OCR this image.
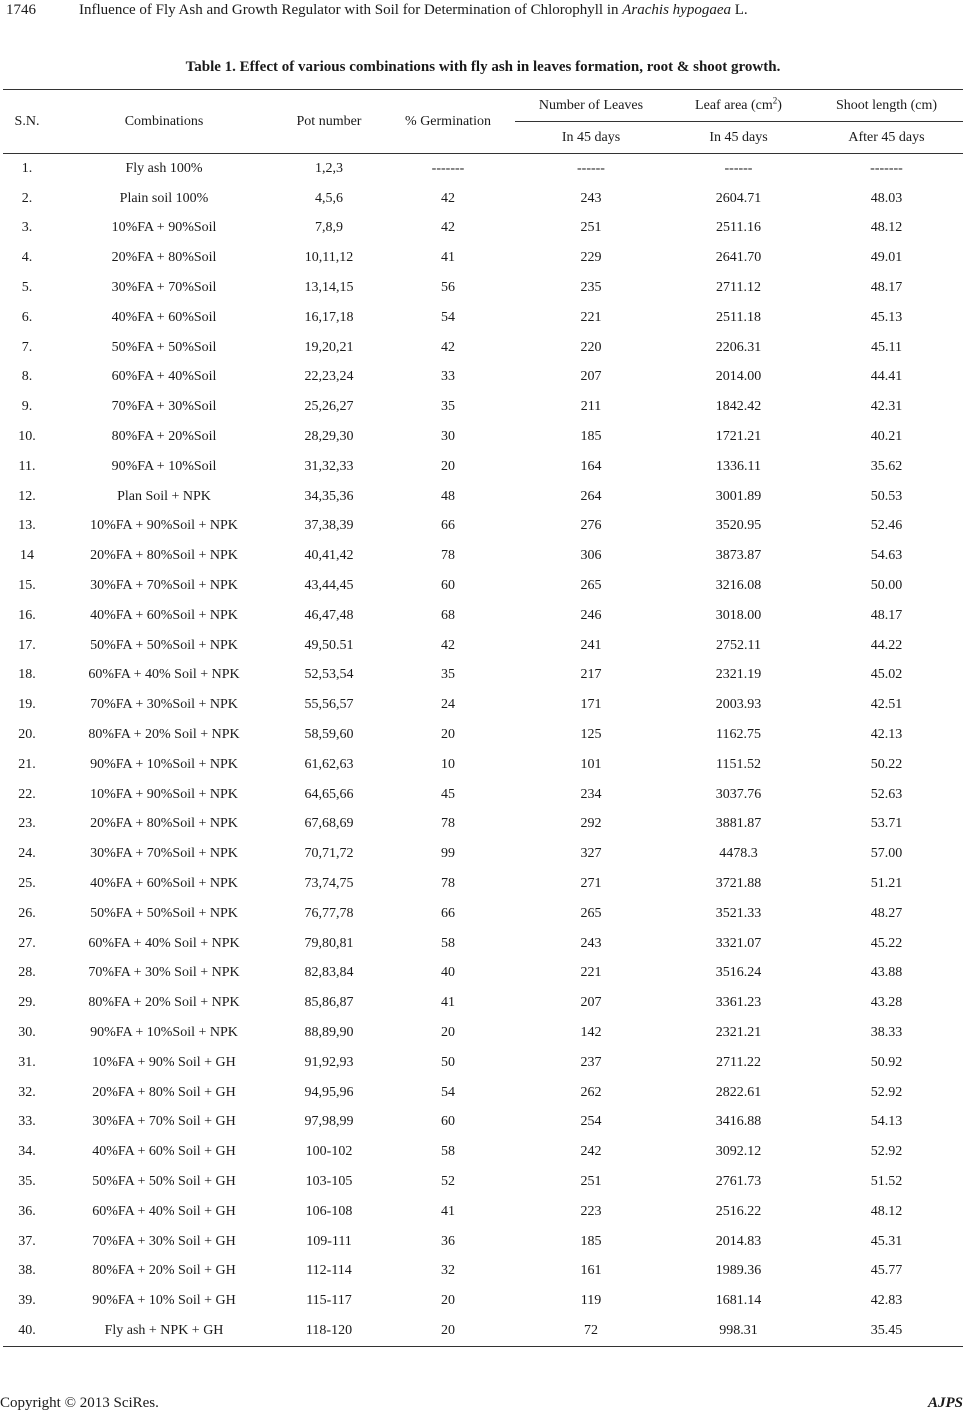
1746	Influence of Fly Ash and Growth Regulator with Soil for Determination of Chlorophyll in Arachis hypogaea L.
Table 1. Effect of various combinations with fly ash in leaves formation, root & shoot growth.
S.N.	Combinations	Pot number	% Germination	Number of Leaves	Leaf area $(cm^2)$	Shoot length (cm)
				In 45 days	In 45 days	After 45 days
1.	Fly ash 100%	1,2,3	-------	------	------	-------
2.	Plain soil 100%	4,5,6	42	243	2604.71	48.03
3.	10%FA + 90%Soil	7,8,9	42	251	2511.16	48.12
4.	20%FA + 80%Soil	10,11,12	41	229	2641.70	49.01
5.	30%FA + 70%Soil	13,14,15	56	235	2711.12	48.17
6.	40%FA + 60%Soil	16,17,18	54	221	2511.18	45.13
7.	50%FA + 50%Soil	19,20,21	42	220	2206.31	45.11
8.	60%FA + 40%Soil	22,23,24	33	207	2014.00	44.41
9.	70%FA + 30%Soil	25,26,27	35	211	1842.42	42.31
10.	80%FA + 20%Soil	28,29,30	30	185	1721.21	40.21
11.	90%FA + 10%Soil	31,32,33	20	164	1336.11	35.62
12.	Plan Soil + NPK	34,35,36	48	264	3001.89	50.53
13.	10%FA + 90%Soil + NPK	37,38,39	66	276	3520.95	52.46
14	20%FA + 80%Soil + NPK	40,41,42	78	306	3873.87	54.63
15.	30%FA + 70%Soil + NPK	43,44,45	60	265	3216.08	50.00
16.	40%FA + 60%Soil + NPK	46,47,48	68	246	3018.00	48.17
17.	50%FA + 50%Soil + NPK	49,50.51	42	241	2752.11	44.22
18.	60%FA + 40% Soil + NPK	52,53,54	35	217	2321.19	45.02
19.	70%FA + 30%Soil + NPK	55,56,57	24	171	2003.93	42.51
20.	80%FA + 20% Soil + NPK	58,59,60	20	125	1162.75	42.13
21.	90%FA + 10%Soil + NPK	61,62,63	10	101	1151.52	50.22
22.	10%FA + 90%Soil + NPK	64,65,66	45	234	3037.76	52.63
23.	20%FA + 80%Soil + NPK	67,68,69	78	292	3881.87	53.71
24.	30%FA + 70%Soil + NPK	70,71,72	99	327	4478.3	57.00
25.	40%FA + 60%Soil + NPK	73,74,75	78	271	3721.88	51.21
26.	50%FA + 50%Soil + NPK	76,77,78	66	265	3521.33	48.27
27.	60%FA + 40% Soil + NPK	79,80,81	58	243	3321.07	45.22
28.	70%FA + 30% Soil + NPK	82,83,84	40	221	3516.24	43.88
29.	80%FA + 20% Soil + NPK	85,86,87	41	207	3361.23	43.28
30.	90%FA + 10%Soil + NPK	88,89,90	20	142	2321.21	38.33
31.	10%FA + 90% Soil + GH	91,92,93	50	237	2711.22	50.92
32.	20%FA + 80% Soil + GH	94,95,96	54	262	2822.61	52.92
33.	30%FA + 70% Soil + GH	97,98,99	60	254	3416.88	54.13
34.	40%FA + 60% Soil + GH	100-102	58	242	3092.12	52.92
35.	50%FA + 50% Soil + GH	103-105	52	251	2761.73	51.52
36.	60%FA + 40% Soil + GH	106-108	41	223	2516.22	48.12
37.	70%FA + 30% Soil + GH	109-111	36	185	2014.83	45.31
38.	80%FA + 20% Soil + GH	112-114	32	161	1989.36	45.77
39.	90%FA + 10% Soil + GH	115-117	20	119	1681.14	42.83
40.	Fly ash + NPK + GH	118-120	20	72	998.31	35.45
Copyright © 2013 SciRes.	AJPS
